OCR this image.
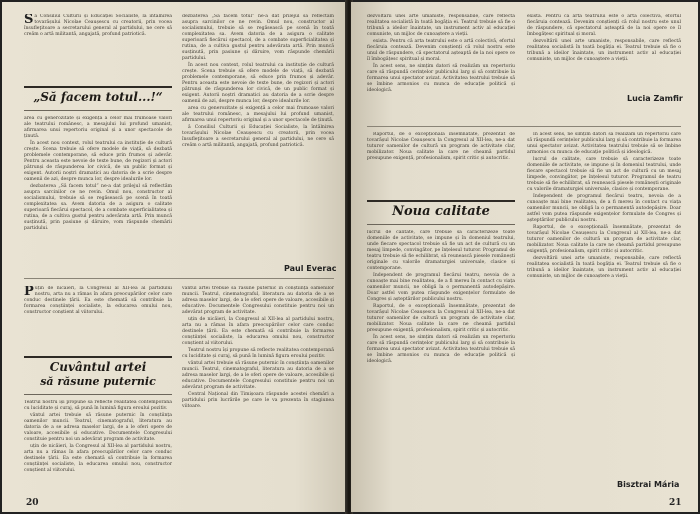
Să Consiliul Culturii și Educației Socialiste, la întâlnirea tovarășului Nicolae Ceaușescu cu creatorii, prin vocea însufleţitoare a secretarului general al partidului, ne cere să creăm o artă militantă, angajată, profund patriotică.

„Să facem totul...!“

area cu generozitate și exigență a celor mai frumoase valori ale teatrului românesc, a mesajului lui profund umanist, afirmarea unui repertoriu original și a unor spectacole de ținută.

În acest nou context, rolul teatrului ca instituție de cultură crește. Scena trebuie să ofere modele de viață, să dezbată problemele contemporane, să educe prin frumos și adevăr. Pentru aceasta este nevoie de texte bune, de regizori și actori pătrunși de răspunderea lor civică, de un public format și exigent. Autorii noștri dramatici au datoria de a scrie despre oamenii de azi, despre munca lor, despre idealurile lor.

dezbaterea „Să facem totul” ne-a dat prilejul să reflectăm asupra sarcinilor ce ne revin. Omul nou, constructor al socialismului, trebuie să se regăsească pe scenă în toată complexitatea sa. Avem datoria de a asigura o calitate superioară fiecărui spectacol, de a combate superficialitatea și rutina, de a cultiva gustul pentru adevărata artă. Prin muncă susținută, prin pasiune și dăruire, vom răspunde chemării partidului.

dezbaterea „Să facem totul” ne-a dat prilejul să reflectăm asupra sarcinilor ce ne revin. Omul nou, constructor al socialismului, trebuie să se regăsească pe scenă în toată complexitatea sa. Avem datoria de a asigura o calitate superioară fiecărui spectacol, de a combate superficialitatea și rutina, de a cultiva gustul pentru adevărata artă. Prin muncă susținută, prin pasiune și dăruire, vom răspunde chemării partidului.

În acest nou context, rolul teatrului ca instituție de cultură crește. Scena trebuie să ofere modele de viață, să dezbată problemele contemporane, să educe prin frumos și adevăr. Pentru aceasta este nevoie de texte bune, de regizori și actori pătrunși de răspunderea lor civică, de un public format și exigent. Autorii noștri dramatici au datoria de a scrie despre oamenii de azi, despre munca lor, despre idealurile lor.

area cu generozitate și exigență a celor mai frumoase valori ale teatrului românesc, a mesajului lui profund umanist, afirmarea unui repertoriu original și a unor spectacole de ținută.

ă Consiliul Culturii și Educației Socialiste, la întâlnirea tovarășului Nicolae Ceaușescu cu creatorii, prin vocea însufleţitoare a secretarului general al partidului, ne cere să creăm o artă militantă, angajată, profund patriotică.

Paul Everac

Puțin de nicăieri, la Congresul al XII-lea al partidului nostru, arta nu a rămas în afara preocupărilor celor care conduc destinele țării. Ea este chemată să contribuie la formarea conștiinței socialiste, la educarea omului nou, constructor conștient al viitorului.

Cuvântul artei
să răsune puternic

Teatrul nostru își propune să reflecte realitatea contemporană cu luciditate și curaj, să pună în lumină figura eroului pozitiv.

vântul artei trebuie să răsune puternic în conștiința oamenilor muncii. Teatrul, cinematograful, literatura au datoria de a se adresa maselor largi, de a le oferi opere de valoare, accesibile și educative. Documentele Congresului constituie pentru noi un adevărat program de activitate.

uțin de nicăieri, la Congresul al XII-lea al partidului nostru, arta nu a rămas în afara preocupărilor celor care conduc destinele țării. Ea este chemată să contribuie la formarea conștiinței socialiste, la educarea omului nou, constructor conștient al viitorului.

vântul artei trebuie să răsune puternic în conștiința oamenilor muncii. Teatrul, cinematograful, literatura au datoria de a se adresa maselor largi, de a le oferi opere de valoare, accesibile și educative. Documentele Congresului constituie pentru noi un adevărat program de activitate.

uțin de nicăieri, la Congresul al XII-lea al partidului nostru, arta nu a rămas în afara preocupărilor celor care conduc destinele țării. Ea este chemată să contribuie la formarea conștiinței socialiste, la educarea omului nou, constructor conștient al viitorului.

Teatrul nostru își propune să reflecte realitatea contemporană cu luciditate și curaj, să pună în lumină figura eroului pozitiv.

vântul artei trebuie să răsune puternic în conștiința oamenilor muncii. Teatrul, cinematograful, literatura au datoria de a se adresa maselor largi, de a le oferi opere de valoare, accesibile și educative. Documentele Congresului constituie pentru noi un adevărat program de activitate.

Central Național din Timișoara răspunde acestei chemări a partidului prin lucrările pe care le va prezenta în stagiunea viitoare.

20

dezvoltării unei arte umaniste, responsabile, care reflectă realitatea socialistă în toată bogăția ei. Teatrul trebuie să fie o tribună a ideilor înaintate, un instrument activ al educației comuniste, un mijloc de cunoaștere a vieții.

exista. Pentru că arta teatrului este o artă colectivă, efortul fiecăruia contează. Devenim conștienți că rolul nostru este unul de răspundere, că spectatorul așteaptă de la noi opere ce îl îmbogățesc spiritual și moral.

În acest sens, ne simțim datori să realizăm un repertoriu care să răspundă cerințelor publicului larg și să contribuie la formarea unui spectator avizat. Activitatea teatrului trebuie să se îmbine armonios cu munca de educație politică și ideologică.

exista. Pentru că arta teatrului este o artă colectivă, efortul fiecăruia contează. Devenim conștienți că rolul nostru este unul de răspundere, că spectatorul așteaptă de la noi opere ce îl îmbogățesc spiritual și moral.

dezvoltării unei arte umaniste, responsabile, care reflectă realitatea socialistă în toată bogăția ei. Teatrul trebuie să fie o tribună a ideilor înaintate, un instrument activ al educației comuniste, un mijloc de cunoaștere a vieții.

Lucia Zamfir

Raportul, de o excepțională însemnătate, prezentat de tovarășul Nicolae Ceaușescu la Congresul al XII-lea, ne-a dat tuturor oamenilor de cultură un program de activitate clar, mobilizator. Noua calitate la care ne cheamă partidul presupune exigență, profesionalism, spirit critic și autocritic.

Noua calitate

lucrul de calitate, care trebuie să caracterizeze toate domeniile de activitate, se impune și în domeniul teatrului, unde fiecare spectacol trebuie să fie un act de cultură cu un mesaj limpede, convingător, pe înțelesul tuturor. Programul de teatru trebuie să fie echilibrat, să reunească piesele românești originale cu valorile dramaturgiei universale, clasice și contemporane.

Independent de programul fiecărui teatru, nevoia de a cunoaște mai bine realitatea, de a fi mereu în contact cu viața oamenilor muncii, ne obligă la o permanentă autodepășire. Doar astfel vom putea răspunde exigențelor formulate de Congres și așteptărilor publicului nostru.

Raportul, de o excepțională însemnătate, prezentat de tovarășul Nicolae Ceaușescu la Congresul al XII-lea, ne-a dat tuturor oamenilor de cultură un program de activitate clar, mobilizator. Noua calitate la care ne cheamă partidul presupune exigență, profesionalism, spirit critic și autocritic.

În acest sens, ne simțim datori să realizăm un repertoriu care să răspundă cerințelor publicului larg și să contribuie la formarea unui spectator avizat. Activitatea teatrului trebuie să se îmbine armonios cu munca de educație politică și ideologică.

În acest sens, ne simțim datori să realizăm un repertoriu care să răspundă cerințelor publicului larg și să contribuie la formarea unui spectator avizat. Activitatea teatrului trebuie să se îmbine armonios cu munca de educație politică și ideologică.

lucrul de calitate, care trebuie să caracterizeze toate domeniile de activitate, se impune și în domeniul teatrului, unde fiecare spectacol trebuie să fie un act de cultură cu un mesaj limpede, convingător, pe înțelesul tuturor. Programul de teatru trebuie să fie echilibrat, să reunească piesele românești originale cu valorile dramaturgiei universale, clasice și contemporane.

Independent de programul fiecărui teatru, nevoia de a cunoaște mai bine realitatea, de a fi mereu în contact cu viața oamenilor muncii, ne obligă la o permanentă autodepășire. Doar astfel vom putea răspunde exigențelor formulate de Congres și așteptărilor publicului nostru.

Raportul, de o excepțională însemnătate, prezentat de tovarășul Nicolae Ceaușescu la Congresul al XII-lea, ne-a dat tuturor oamenilor de cultură un program de activitate clar, mobilizator. Noua calitate la care ne cheamă partidul presupune exigență, profesionalism, spirit critic și autocritic.

dezvoltării unei arte umaniste, responsabile, care reflectă realitatea socialistă în toată bogăția ei. Teatrul trebuie să fie o tribună a ideilor înaintate, un instrument activ al educației comuniste, un mijloc de cunoaștere a vieții.

Bisztrai Mária
21
